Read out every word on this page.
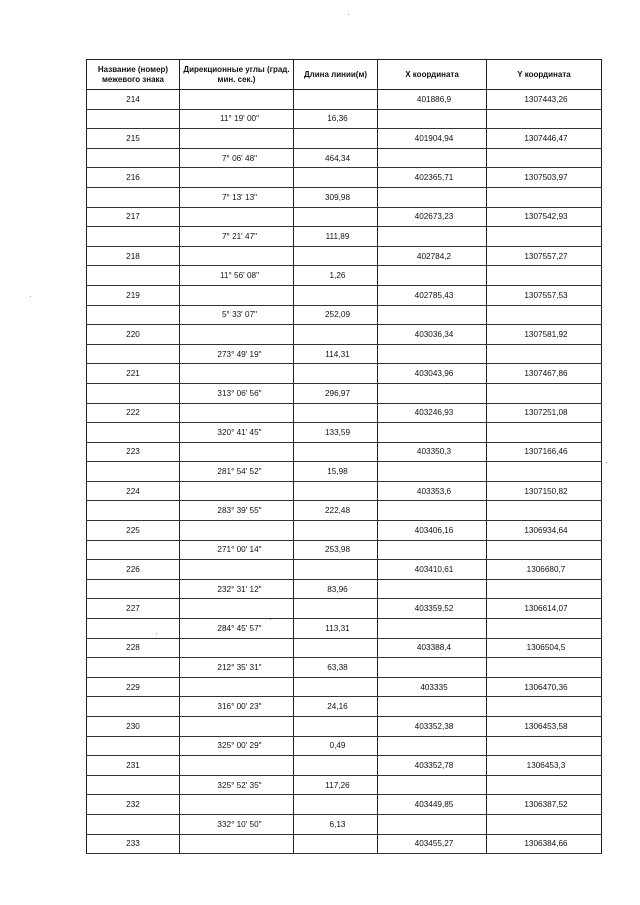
Название (номер) межевого знака	Дирекционные углы (град. мин. сек.)	Длина линии(м)	X координата	Y координата
214			401886,9	1307443,26
	11° 19' 00"	16,36		
215			401904,94	1307446,47
	7° 06' 48"	464,34		
216			402365,71	1307503,97
	7° 13' 13"	309,98		
217			402673,23	1307542,93
	7° 21' 47"	111,89		
218			402784,2	1307557,27
	11° 56' 08"	1,26		
219			402785,43	1307557,53
	5° 33' 07"	252,09		
220			403036,34	1307581,92
	273° 49' 19"	114,31		
221			403043,96	1307467,86
	313° 06' 56"	296,97		
222			403246,93	1307251,08
	320° 41' 45"	133,59		
223			403350,3	1307166,46
	281° 54' 52"	15,98		
224			403353,6	1307150,82
	283° 39' 55"	222,48		
225			403406,16	1306934,64
	271° 00' 14"	253,98		
226			403410,61	1306680,7
	232° 31' 12"	83,96		
227			403359,52	1306614,07
	284° 45' 57"	113,31		
228			403388,4	1306504,5
	212° 35' 31"	63,38		
229			403335	1306470,36
	316° 00' 23"	24,16		
230			403352,38	1306453,58
	325° 00' 29"	0,49		
231			403352,78	1306453,3
	325° 52' 35"	117,26		
232			403449,85	1306387,52
	332° 10' 50"	6,13		
233			403455,27	1306384,66
